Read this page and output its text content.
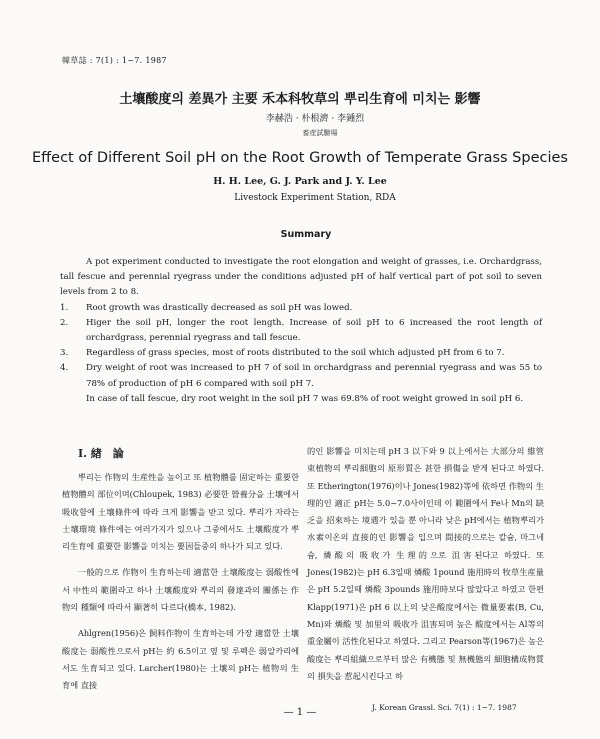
韓草誌 : 7(1) : 1~7. 1987
土壤酸度의 差異가 主要 禾本科牧草의 뿌리生育에 미치는 影響
李赫浩 · 朴根濟 · 李鍾烈
畜産試驗場
Effect of Different Soil pH on the Root Growth of Temperate Grass Species
H. H. Lee, G. J. Park and J. Y. Lee
Livestock Experiment Station, RDA
Summary

A pot experiment conducted to investigate the root elongation and weight of grasses, i.e. Orchardgrass, tall fescue and perennial ryegrass under the conditions adjusted pH of half vertical part of pot soil to seven levels from 2 to 8.

1.	Root growth was drastically decreased as soil pH was lowed.
2.	Higer the soil pH, longer the root length. Increase of soil pH to 6 increased the root length of orchardgrass, perennial ryegrass and tall fescue.
3.	Regardless of grass species, most of roots distributed to the soil which adjusted pH from 6 to 7.
4.	Dry weight of root was increased to pH 7 of soil in orchardgrass and perennial ryegrass and was 55 to 78% of production of pH 6 compared with soil pH 7.

In case of tall fescue, dry root weight in the soil pH 7 was 69.8% of root weight growed in soil pH 6.

Ⅰ. 緖　論

뿌리는 作物의 生産性을 높이고 또 植物體를 固定하는 重要한 植物體의 部位이며(Chloupek, 1983) 必要한 營養分을 土壤에서 吸收함에 土壤條件에 따라 크게 影響을 받고 있다. 뿌리가 자라는 土壤環境 條件에는 여러가지가 있으나 그중에서도 土壤酸度가 뿌리生育에 重要한 影響을 미치는 要因들중의 하나가 되고 있다.

一般的으로 作物이 生育하는데 適當한 土壤酸度는 弱酸性에서 中性의 範圍라고 하나 土壤酸度와 뿌리의 發達과의 關係는 作物의 種類에 따라서 顯著히 다르다(橋本, 1982).

Ahlgren(1956)은 飼料作物이 生育하는데 가장 適當한 土壤酸度는 弱酸性으로서 pH는 約 6.5이고 옆 및 루펙은 弱알카리에서도 生育되고 있다. Larcher(1980)는 土壤의 pH는 植物의 生育에 直接

的인 影響을 미치는데 pH 3 以下와 9 以上에서는 大部分의 維管束植物의 뿌리細胞의 原形質은 甚한 損傷을 받게 된다고 하였다. 또 Etherington(1976)이나 Jones(1982)等에 依하면 作物의 生理的인 適正 pH는 5.0~7.0사이인데 이 範圍에서 Fe나 Mn의 缺乏을 招來하는 境遇가 있을 뿐 아니라 낮은 pH에서는 植物뿌리가 水素이온의 直接的인 影響을 입으며 間接的으로는 칼슘, 마그네슘, 燐酸의 吸收가 生理的으로 沮害된다고 하였다. 또 Jones(1982)는 pH 6.3일때 燐酸 1pound 施用時의 牧草生産量은 pH 5.2일때 燐酸 3pounds 施用時보다 많았다고 하였고 한편 Klapp(1971)은 pH 6 以上의 낮은酸度에서는 微量要素(B, Cu, Mn)와 燐酸 및 加里의 吸收가 沮害되며 높은 酸度에서는 Al等의 重金屬이 活性化된다고 하였다. 그리고 Pearson等(1967)은 높은 酸度는 뿌리組織으로부터 많은 有機態 및 無機態의 細胞構成物質의 損失을 惹起시킨다고 하

— 1 —	J. Korean Grassl. Sci. 7(1) : 1~7. 1987
